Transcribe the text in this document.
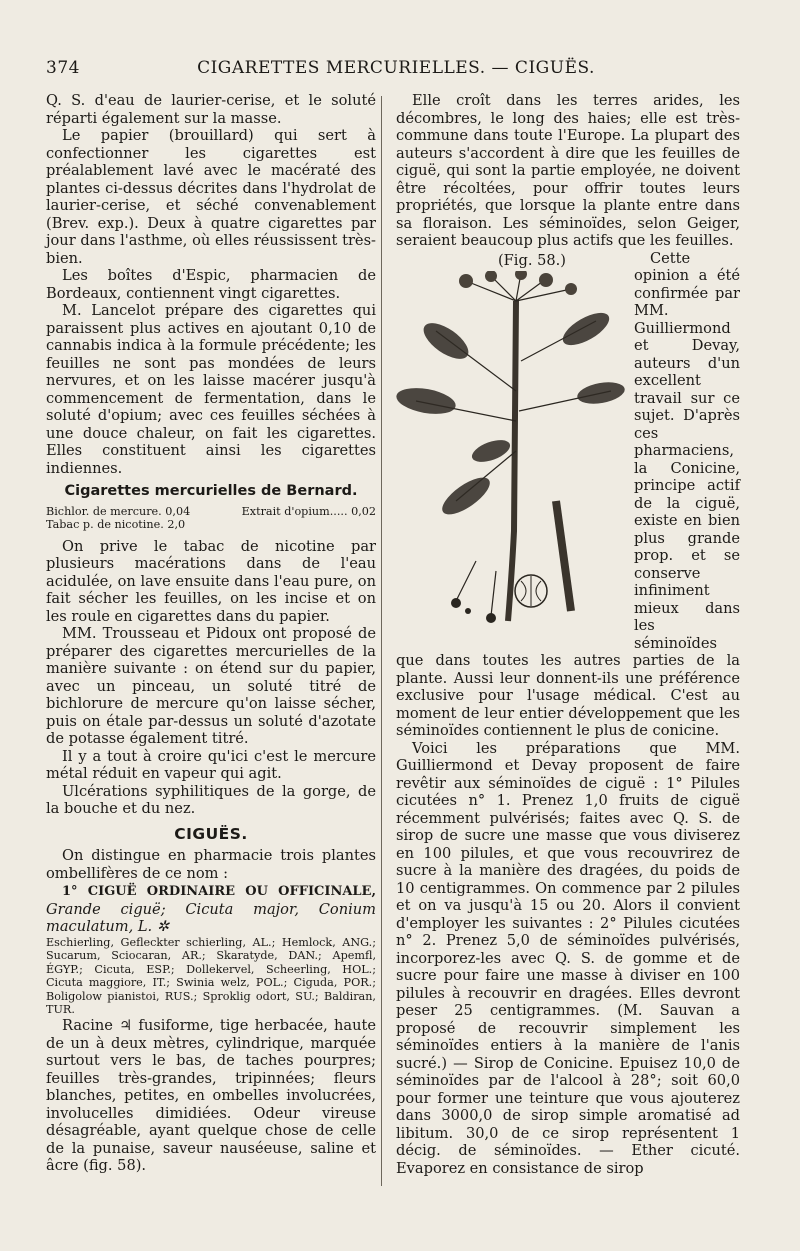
374	CIGARETTES MERCURIELLES. — CIGUËS.

Q. S. d'eau de laurier-cerise, et le soluté réparti également sur la masse.

Le papier (brouillard) qui sert à confectionner les cigarettes est préalablement lavé avec le macératé des plantes ci-dessus décrites dans l'hydrolat de laurier-cerise, et séché convenablement (Brev. exp.). Deux à quatre cigarettes par jour dans l'asthme, où elles réussissent très-bien.

Les boîtes d'Espic, pharmacien de Bordeaux, contiennent vingt cigarettes.

M. Lancelot prépare des cigarettes qui paraissent plus actives en ajoutant 0,10 de cannabis indica à la formule précédente; les feuilles ne sont pas mondées de leurs nervures, et on les laisse macérer jusqu'à commencement de fermentation, dans le soluté d'opium; avec ces feuilles séchées à une douce chaleur, on fait les cigarettes. Elles constituent ainsi les cigarettes indiennes.

Cigarettes mercurielles de Bernard.
Bichlor. de mercure. 0,04	Extrait d'opium..... 0,02
Tabac p. de nicotine. 2,0

On prive le tabac de nicotine par plusieurs macérations dans de l'eau acidulée, on lave ensuite dans l'eau pure, on fait sécher les feuilles, on les incise et on les roule en cigarettes dans du papier.

MM. Trousseau et Pidoux ont proposé de préparer des cigarettes mercurielles de la manière suivante : on étend sur du papier, avec un pinceau, un soluté titré de bichlorure de mercure qu'on laisse sécher, puis on étale par-dessus un soluté d'azotate de potasse également titré.

Il y a tout à croire qu'ici c'est le mercure métal réduit en vapeur qui agit.

Ulcérations syphilitiques de la gorge, de la bouche et du nez.

CIGUËS.

On distingue en pharmacie trois plantes ombellifères de ce nom :

1° CIGUË ORDINAIRE OU OFFICINALE, Grande ciguë; Cicuta major, Conium maculatum, L. ✲

Eschierling, Gefleckter schierling, AL.; Hemlock, ANG.; Sucarum, Sciocaran, AR.; Skaratyde, DAN.; Apemfl, ÉGYP.; Cicuta, ESP.; Dollekervel, Scheerling, HOL.; Cicuta maggiore, IT.; Swinia welz, POL.; Ciguda, POR.; Boligolow pianistoi, RUS.; Sproklig odort, SU.; Baldiran, TUR.

Racine ♃ fusiforme, tige herbacée, haute de un à deux mètres, cylindrique, marquée surtout vers le bas, de taches pourpres; feuilles très-grandes, tripinnées; fleurs blanches, petites, en ombelles involucrées, involucelles dimidiées. Odeur vireuse désagréable, ayant quelque chose de celle de la punaise, saveur nauséeuse, saline et âcre (fig. 58).

Elle croît dans les terres arides, les décombres, le long des haies; elle est très-commune dans toute l'Europe. La plupart des auteurs s'accordent à dire que les feuilles de ciguë, qui sont la partie employée, ne doivent être récoltées, pour offrir toutes leurs propriétés, que lorsque la plante entre dans sa floraison. Les séminoïdes, selon Geiger, seraient beaucoup plus actifs que les feuilles.

(Fig. 58.)	Cette opinion a été confirmée par MM. Guilliermond et Devay, auteurs d'un excellent travail sur ce sujet. D'après ces pharmaciens, la Conicine, principe actif de la ciguë, existe en bien plus grande prop. et se conserve infiniment mieux dans les séminoïdes que dans toutes les autres parties de la plante. Aussi leur donnent-ils une préférence exclusive pour l'usage médical. C'est au moment de leur entier développement que les séminoïdes contiennent le plus de conicine.

Voici les préparations que MM. Guilliermond et Devay proposent de faire revêtir aux séminoïdes de ciguë : 1° Pilules cicutées n° 1. Prenez 1,0 fruits de ciguë récemment pulvérisés; faites avec Q. S. de sirop de sucre une masse que vous diviserez en 100 pilules, et que vous recouvrirez de sucre à la manière des dragées, du poids de 10 centigrammes. On commence par 2 pilules et on va jusqu'à 15 ou 20. Alors il convient d'employer les suivantes : 2° Pilules cicutées n° 2. Prenez 5,0 de séminoïdes pulvérisés, incorporez-les avec Q. S. de gomme et de sucre pour faire une masse à diviser en 100 pilules à recouvrir en dragées. Elles devront peser 25 centigrammes. (M. Sauvan a proposé de recouvrir simplement les séminoïdes entiers à la manière de l'anis sucré.) — Sirop de Conicine. Epuisez 10,0 de séminoïdes par de l'alcool à 28°; soit 60,0 pour former une teinture que vous ajouterez dans 3000,0 de sirop simple aromatisé ad libitum. 30,0 de ce sirop représentent 1 décig. de séminoïdes. — Ether cicuté. Evaporez en consistance de sirop
